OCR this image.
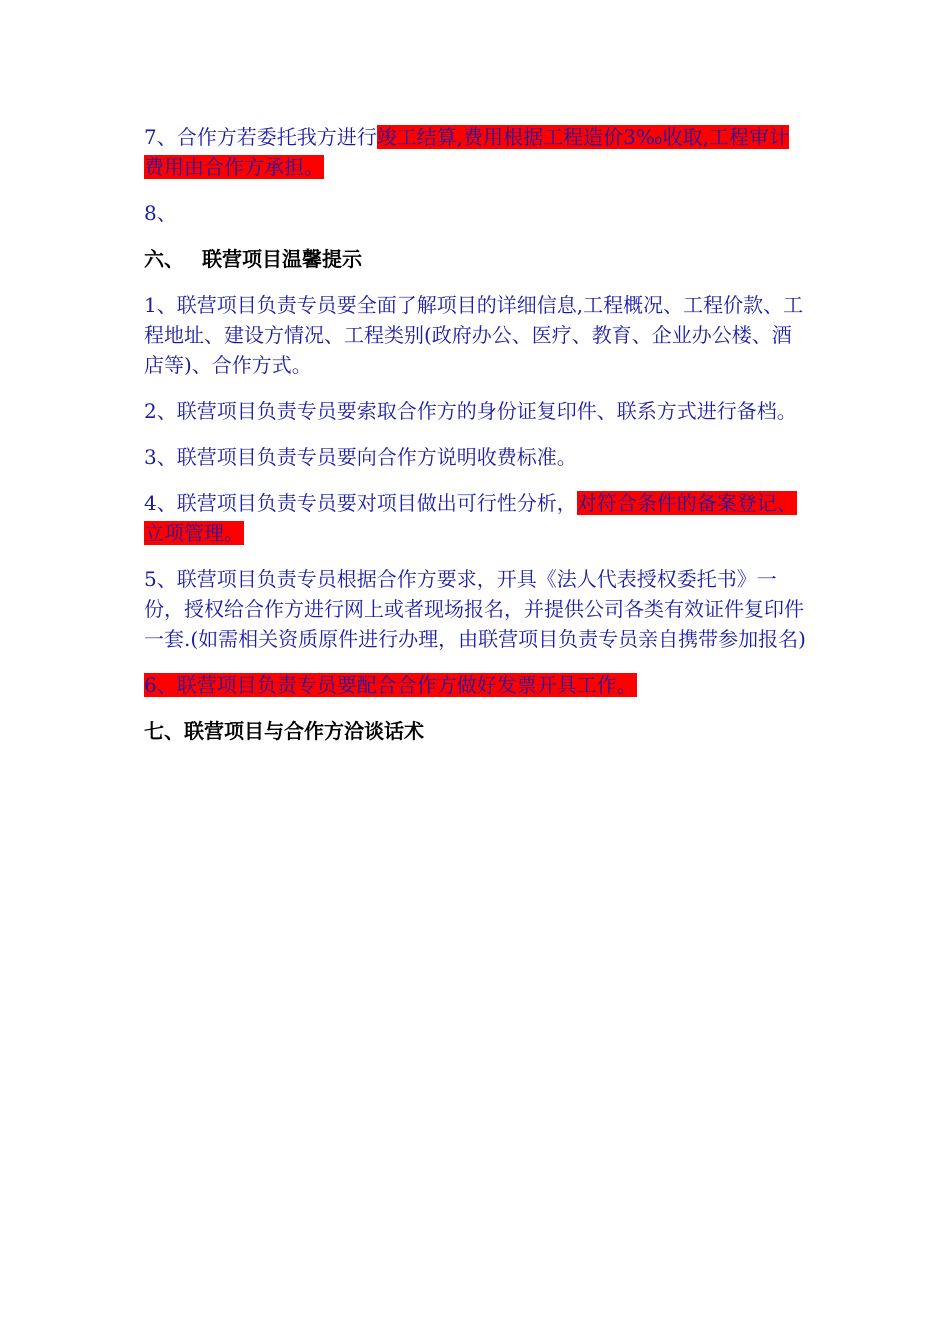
7、合作方若委托我方进行竣工结算,费用根据工程造价3‰收取,工程审计费用由合作方承担。

8、

六、 联营项目温馨提示

1、联营项目负责专员要全面了解项目的详细信息,工程概况、工程价款、工程地址、建设方情况、工程类别(政府办公、医疗、教育、企业办公楼、酒店等)、合作方式。

2、联营项目负责专员要索取合作方的身份证复印件、联系方式进行备档。

3、联营项目负责专员要向合作方说明收费标准。

4、联营项目负责专员要对项目做出可行性分析，对符合条件的备案登记、立项管理。

5、联营项目负责专员根据合作方要求，开具《法人代表授权委托书》一份，授权给合作方进行网上或者现场报名，并提供公司各类有效证件复印件一套.(如需相关资质原件进行办理，由联营项目负责专员亲自携带参加报名)

6、联营项目负责专员要配合合作方做好发票开具工作。

七、联营项目与合作方洽谈话术
